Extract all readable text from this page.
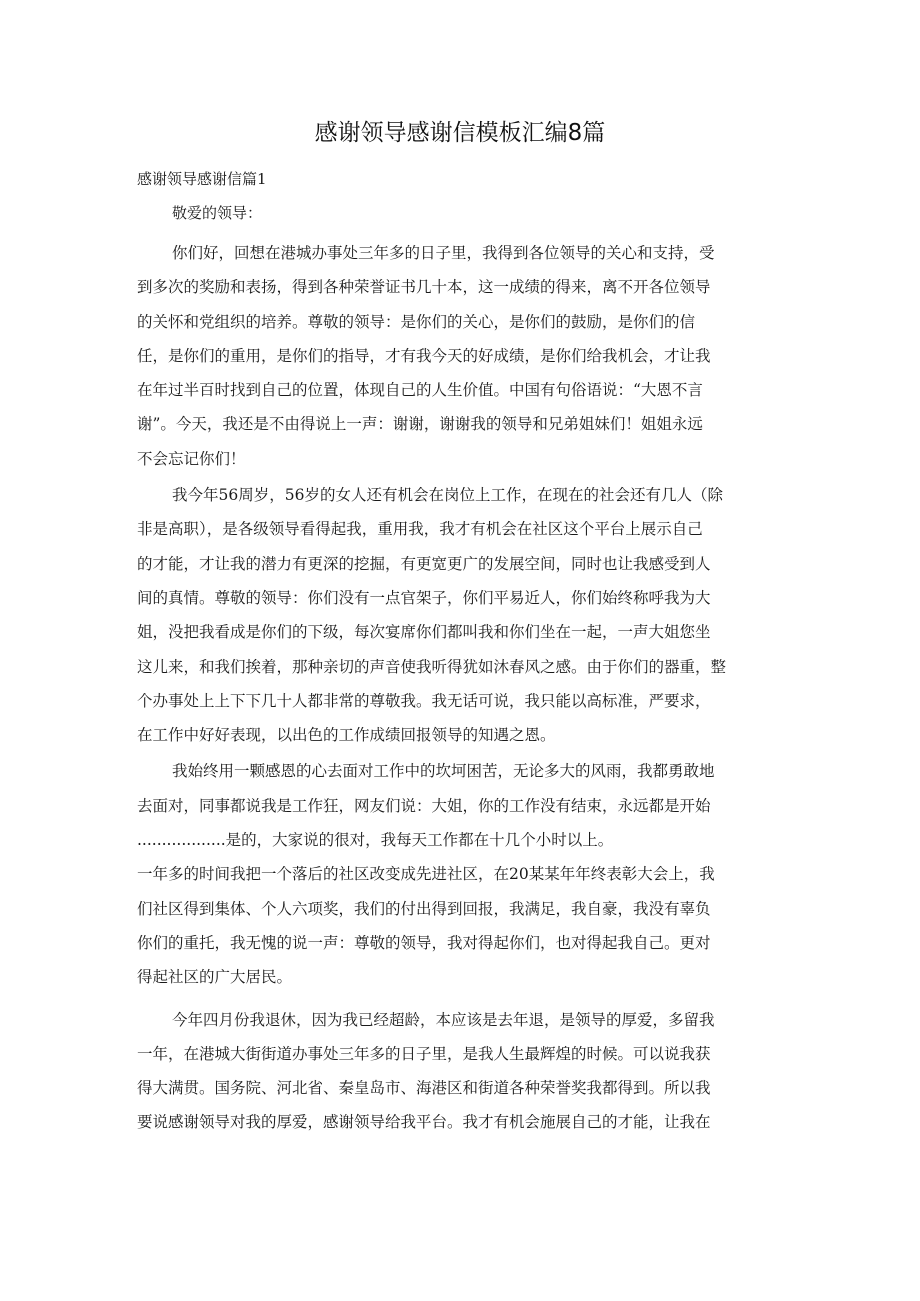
感谢领导感谢信模板汇编8篇
感谢领导感谢信篇1
敬爱的领导：
你们好，回想在港城办事处三年多的日子里，我得到各位领导的关心和支持，受
到多次的奖励和表扬，得到各种荣誉证书几十本，这一成绩的得来，离不开各位领导
的关怀和党组织的培养。尊敬的领导：是你们的关心，是你们的鼓励，是你们的信
任，是你们的重用，是你们的指导，才有我今天的好成绩，是你们给我机会，才让我
在年过半百时找到自己的位置，体现自己的人生价值。中国有句俗语说：“大恩不言
谢”。今天，我还是不由得说上一声：谢谢，谢谢我的领导和兄弟姐妹们！姐姐永远
不会忘记你们！
我今年56周岁，56岁的女人还有机会在岗位上工作，在现在的社会还有几人（除
非是高职），是各级领导看得起我，重用我，我才有机会在社区这个平台上展示自己
的才能，才让我的潜力有更深的挖掘，有更宽更广的发展空间，同时也让我感受到人
间的真情。尊敬的领导：你们没有一点官架子，你们平易近人，你们始终称呼我为大
姐，没把我看成是你们的下级，每次宴席你们都叫我和你们坐在一起，一声大姐您坐
这儿来，和我们挨着，那种亲切的声音使我听得犹如沐春风之感。由于你们的器重，整
个办事处上上下下几十人都非常的尊敬我。我无话可说，我只能以高标准，严要求，
在工作中好好表现，以出色的工作成绩回报领导的知遇之恩。
我始终用一颗感恩的心去面对工作中的坎坷困苦，无论多大的风雨，我都勇敢地
去面对，同事都说我是工作狂，网友们说：大姐，你的工作没有结束，永远都是开始
..................是的，大家说的很对，我每天工作都在十几个小时以上。
一年多的时间我把一个落后的社区改变成先进社区，在20某某年年终表彰大会上，我
们社区得到集体、个人六项奖，我们的付出得到回报，我满足，我自豪，我没有辜负
你们的重托，我无愧的说一声：尊敬的领导，我对得起你们，也对得起我自己。更对
得起社区的广大居民。
今年四月份我退休，因为我已经超龄，本应该是去年退，是领导的厚爱，多留我
一年，在港城大街街道办事处三年多的日子里，是我人生最辉煌的时候。可以说我获
得大满贯。国务院、河北省、秦皇岛市、海港区和街道各种荣誉奖我都得到。所以我
要说感谢领导对我的厚爱，感谢领导给我平台。我才有机会施展自己的才能，让我在
